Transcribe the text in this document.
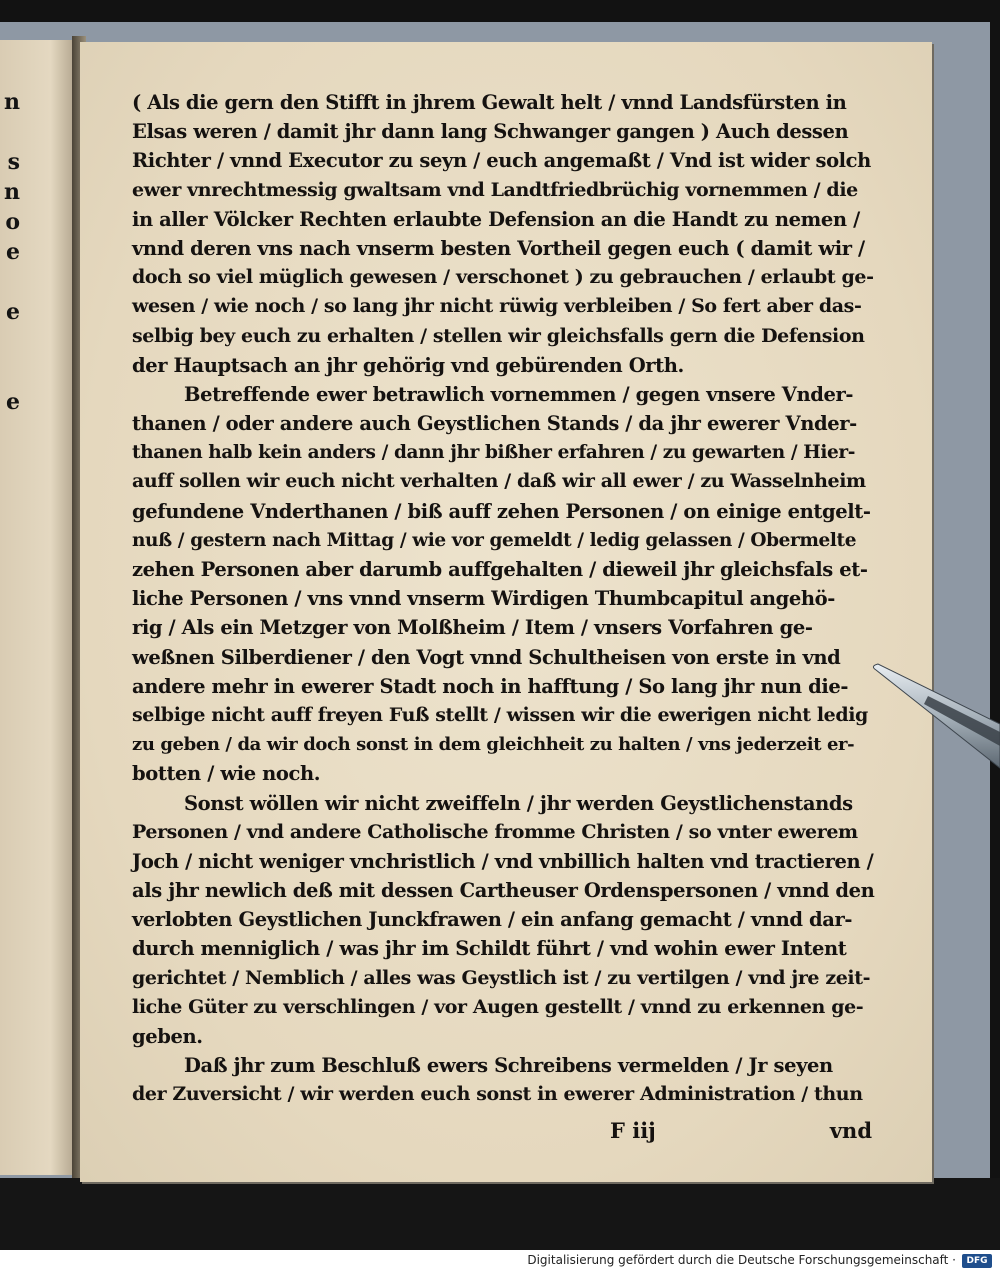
n
s
n
o
e
e
e
( Als die gern den Stifft in jhrem Gewalt helt / vnnd Landsfürsten in
Elsas weren / damit jhr dann lang Schwanger gangen ) Auch dessen
Richter / vnnd Executor zu seyn / euch angemaßt / Vnd ist wider solch
ewer vnrechtmessig gwaltsam vnd Landtfriedbrüchig vornemmen / die
in aller Völcker Rechten erlaubte Defension an die Handt zu nemen /
vnnd deren vns nach vnserm besten Vortheil gegen euch ( damit wir /
doch so viel müglich gewesen / verschonet ) zu gebrauchen / erlaubt ge-
wesen / wie noch / so lang jhr nicht rüwig verbleiben / So fert aber das-
selbig bey euch zu erhalten / stellen wir gleichsfalls gern die Defension
der Hauptsach an jhr gehörig vnd gebürenden Orth.
Betreffende ewer betrawlich vornemmen / gegen vnsere Vnder-
thanen / oder andere auch Geystlichen Stands / da jhr ewerer Vnder-
thanen halb kein anders / dann jhr bißher erfahren / zu gewarten / Hier-
auff sollen wir euch nicht verhalten / daß wir all ewer / zu Wasselnheim
gefundene Vnderthanen / biß auff zehen Personen / on einige entgelt-
nuß / gestern nach Mittag / wie vor gemeldt / ledig gelassen / Obermelte
zehen Personen aber darumb auffgehalten / dieweil jhr gleichsfals et-
liche Personen / vns vnnd vnserm Wirdigen Thumbcapitul angehö-
rig / Als ein Metzger von Molßheim / Item / vnsers Vorfahren ge-
weßnen Silberdiener / den Vogt vnnd Schultheisen von erste in vnd
andere mehr in ewerer Stadt noch in hafftung / So lang jhr nun die-
selbige nicht auff freyen Fuß stellt / wissen wir die ewerigen nicht ledig
zu geben / da wir doch sonst in dem gleichheit zu halten / vns jederzeit er-
botten / wie noch.
Sonst wöllen wir nicht zweiffeln / jhr werden Geystlichenstands
Personen / vnd andere Catholische fromme Christen / so vnter ewerem
Joch / nicht weniger vnchristlich / vnd vnbillich halten vnd tractieren /
als jhr newlich deß mit dessen Cartheuser Ordenspersonen / vnnd den
verlobten Geystlichen Junckfrawen / ein anfang gemacht / vnnd dar-
durch menniglich / was jhr im Schildt führt / vnd wohin ewer Intent
gerichtet / Nemblich / alles was Geystlich ist / zu vertilgen / vnd jre zeit-
liche Güter zu verschlingen / vor Augen gestellt / vnnd zu erkennen ge-
geben.
Daß jhr zum Beschluß ewers Schreibens vermelden / Jr seyen
der Zuversicht / wir werden euch sonst in ewerer Administration / thun
F iij	vnd
Digitalisierung gefördert durch die Deutsche Forschungsgemeinschaft ·	DFG
